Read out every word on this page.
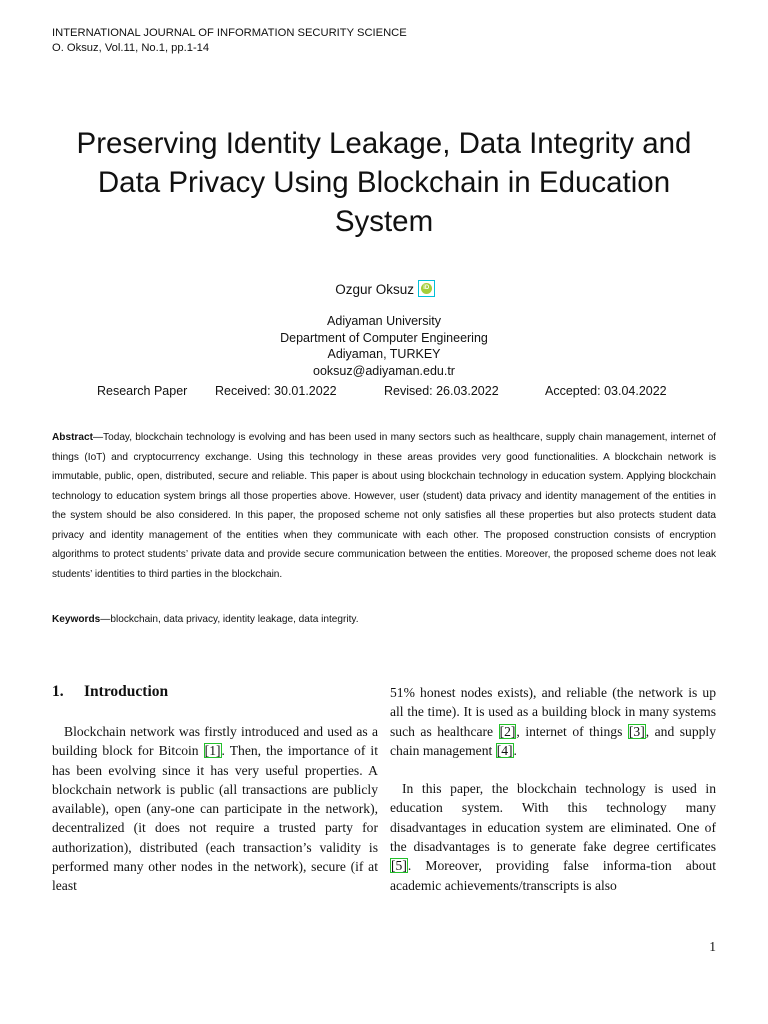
INTERNATIONAL JOURNAL OF INFORMATION SECURITY SCIENCE
O. Oksuz, Vol.11, No.1, pp.1-14
Preserving Identity Leakage, Data Integrity and
Data Privacy Using Blockchain in Education
System
Ozgur Oksuz
iD
Adiyaman University
Department of Computer Engineering
Adiyaman, TURKEY
ooksuz@adiyaman.edu.tr
Research Paper Received: 30.01.2022	Revised: 26.03.2022	Accepted: 03.04.2022

Abstract—Today, blockchain technology is evolving and has been used in many sectors such as healthcare, supply chain management, internet of things (IoT) and cryptocurrency exchange. Using this technology in these areas provides very good functionalities. A blockchain network is immutable, public, open, distributed, secure and reliable. This paper is about using blockchain technology in education system. Applying blockchain technology to education system brings all those properties above. However, user (student) data privacy and identity management of the entities in the system should be also considered. In this paper, the proposed scheme not only satisfies all these properties but also protects student data privacy and identity management of the entities when they communicate with each other. The proposed construction consists of encryption algorithms to protect students’ private data and provide secure communication between the entities. Moreover, the proposed scheme does not leak students’ identities to third parties in the blockchain.

Keywords—blockchain, data privacy, identity leakage, data integrity.

1. Introduction

Blockchain network was firstly introduced and used as a building block for Bitcoin [1]. Then, the importance of it has been evolving since it has very useful properties. A blockchain network is public (all transactions are publicly available), open (any-one can participate in the network), decentralized (it does not require a trusted party for authorization), distributed (each transaction’s validity is performed many other nodes in the network), secure (if at least

51% honest nodes exists), and reliable (the network is up all the time). It is used as a building block in many systems such as healthcare [2], internet of things [3], and supply chain management [4].

In this paper, the blockchain technology is used in education system. With this technology many disadvantages in education system are eliminated. One of the disadvantages is to generate fake degree certificates [5]. Moreover, providing false informa-tion about academic achievements/transcripts is also

1
